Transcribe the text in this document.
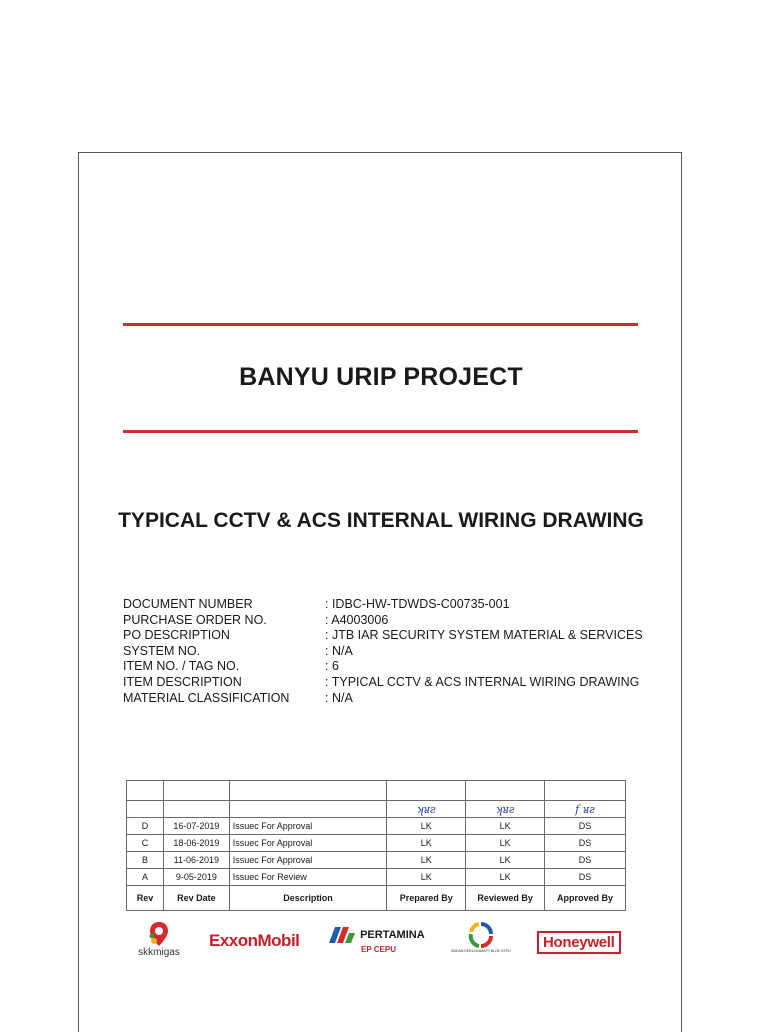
BANYU URIP PROJECT
TYPICAL CCTV & ACS INTERNAL WIRING DRAWING
DOCUMENT NUMBER	: IDBC-HW-TDWDS-C00735-001
PURCHASE ORDER NO.	: A4003006
PO DESCRIPTION	: JTB IAR SECURITY SYSTEM MATERIAL & SERVICES
SYSTEM NO.	: N/A
ITEM NO. / TAG NO.	: 6
ITEM DESCRIPTION	: TYPICAL CCTV & ACS INTERNAL WIRING DRAWING
MATERIAL CLASSIFICATION	: N/A

			ʞᴚƨ	ʞᴚƨ	f ᴚƨ
D	16-07-2019	Issuec For Approval	LK	LK	DS
C	18-06-2019	Issuec For Approval	LK	LK	DS
B	11-06-2019	Issuec For Approval	LK	LK	DS
A	9-05-2019	Issuec For Review	LK	LK	DS
Rev	Rev Date	Description	Prepared By	Reviewed By	Approved By
skkmigas
ExxonMobil	PERTAMINA
EP CEPU	BADAN KERJASAMA PI BLOK CEPU	Honeywell
